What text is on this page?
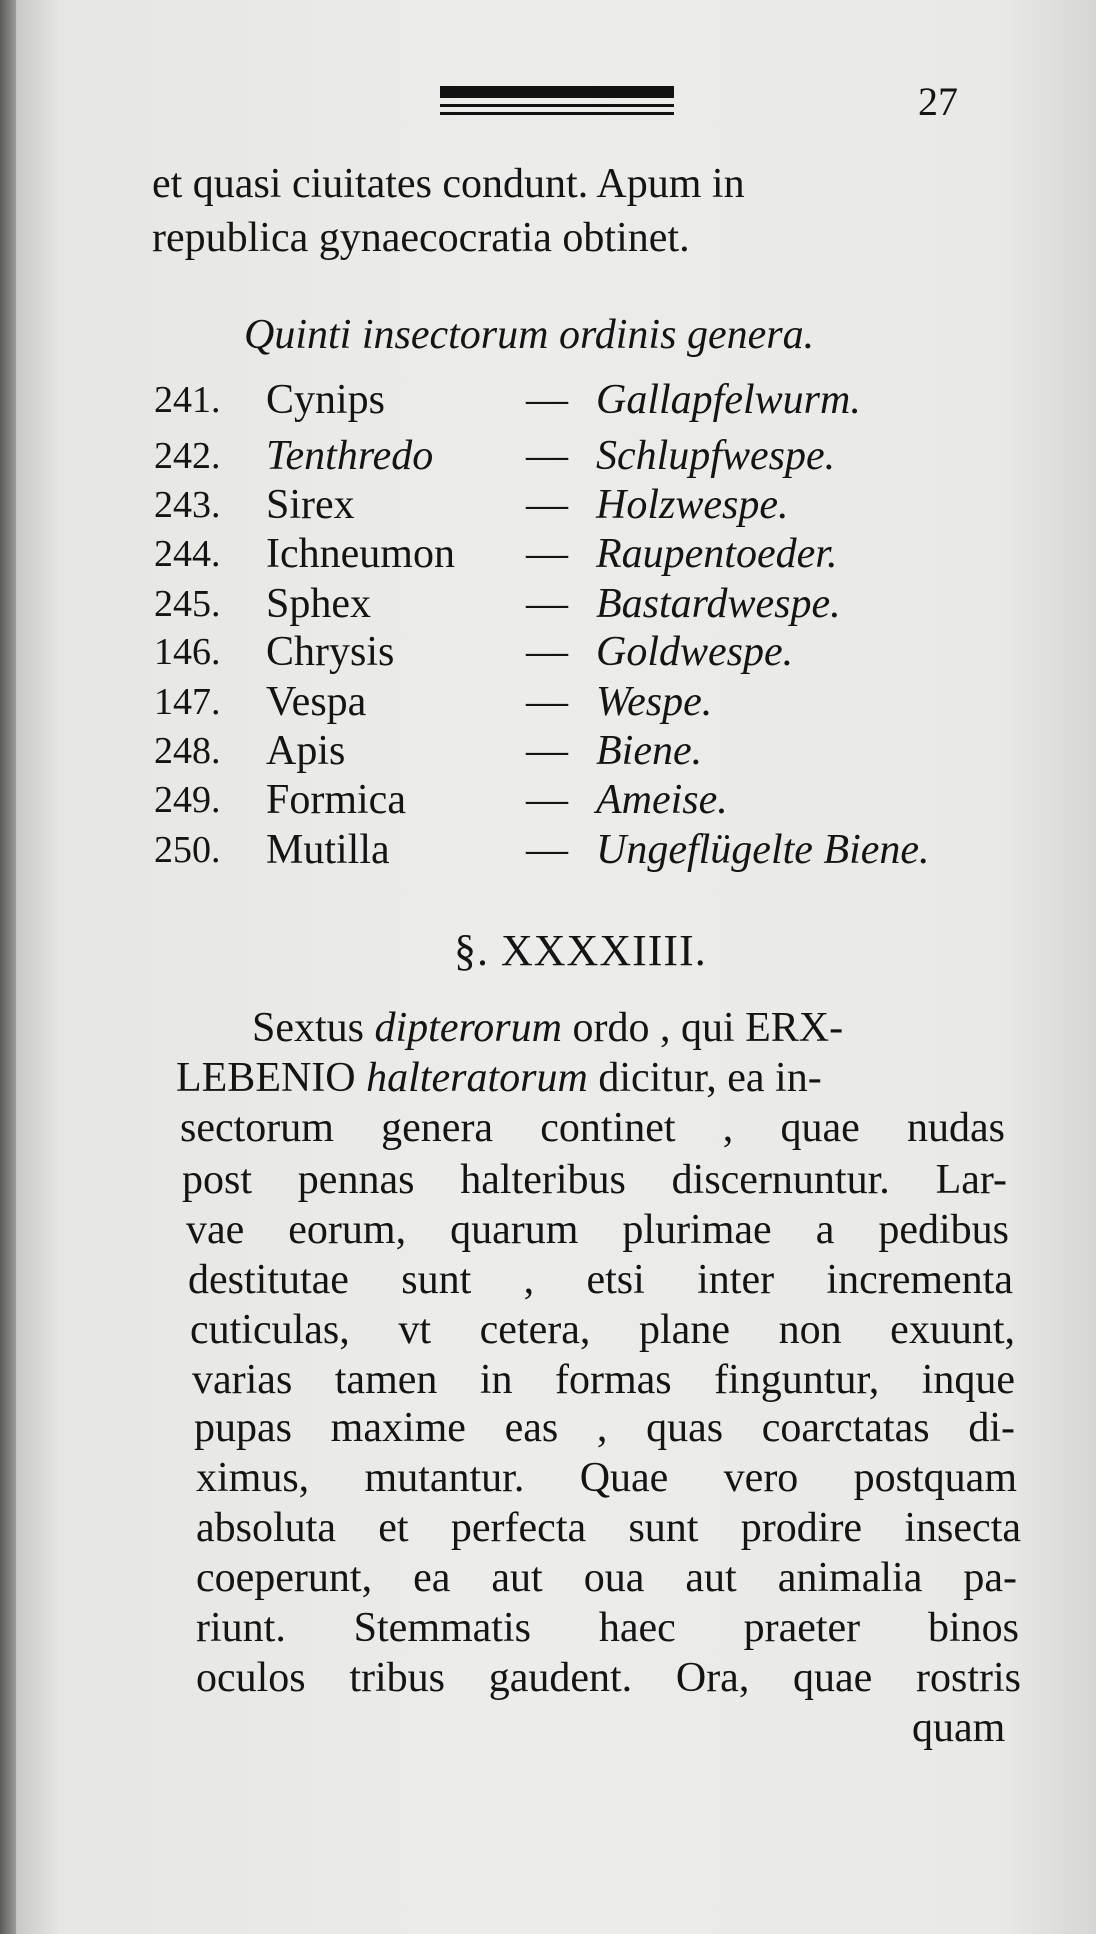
27
et quasi ciuitates condunt. Apum in
republica gynaecocratia obtinet.
Quinti insectorum ordinis genera.
241. Cynips	— Gallapfelwurm.
242. Tenthredo — Schlupfwespe.
243. Sirex	— Holzwespe.
244. Ichneumon — Raupentoeder.
245. Sphex	— Bastardwespe.
146. Chrysis	— Goldwespe.
147. Vespa	— Wespe.
248. Apis	— Biene.
249. Formica	— Ameise.
250. Mutilla	— Ungeflügelte Biene.
§. XXXXIIII.
Sextus dipterorum ordo , qui ERX-
LEBENIO halteratorum dicitur, ea in-
sectorum genera continet , quae nudas
post pennas halteribus discernuntur. Lar-
vae eorum, quarum plurimae a pedibus
destitutae sunt , etsi inter incrementa
cuticulas, vt cetera, plane non exuunt,
varias tamen in formas finguntur, inque
pupas maxime eas , quas coarctatas di-
ximus, mutantur. Quae vero postquam
absoluta et perfecta sunt prodire insecta
coeperunt, ea aut oua aut animalia pa-
riunt. Stemmatis haec praeter binos
oculos tribus gaudent. Ora, quae rostris
quam
